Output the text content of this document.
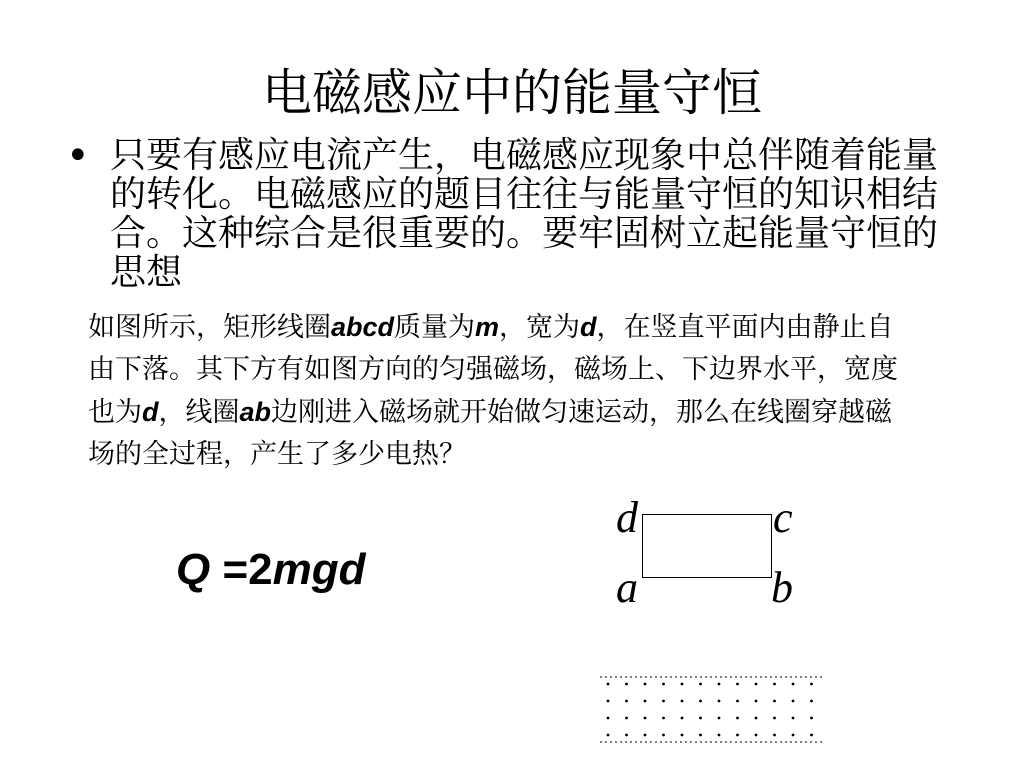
电磁感应中的能量守恒
• 只要有感应电流产生，电磁感应现象中总伴随着能量的转化。电磁感应的题目往往与能量守恒的知识相结合。这种综合是很重要的。要牢固树立起能量守恒的思想
如图所示，矩形线圈abcd质量为m，宽为d，在竖直平面内由静止自由下落。其下方有如图方向的匀强磁场，磁场上、下边界水平，宽度也为d，线圈ab边刚进入磁场就开始做匀速运动，那么在线圈穿越磁场的全过程，产生了多少电热？
Q =2mgd
d	c
a	b
